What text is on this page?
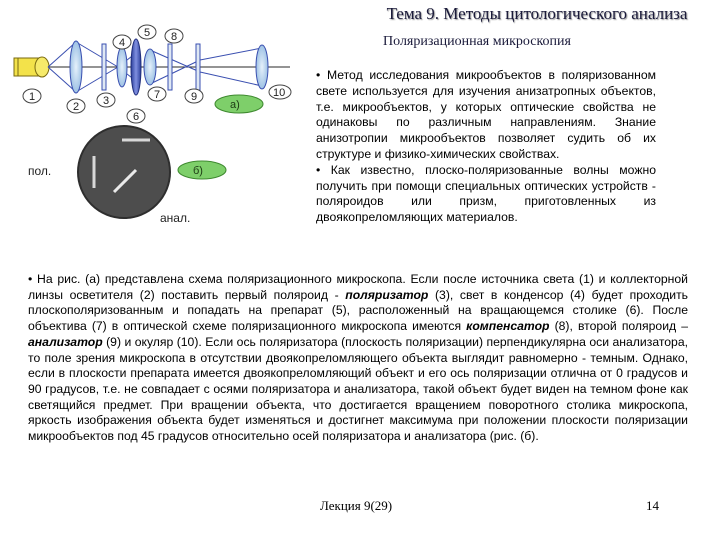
Тема 9. Методы цитологического анализа
Поляризационная микроскопия
1
2 3
4
5
6
7
8
9	10
а)
б)
пол.
анал.

• Метод исследования микрообъектов в поляризованном свете используется для изучения анизатропных объектов, т.е. микрообъектов, у которых оптические свойства не одинаковы по различным направлениям. Знание анизотропии микрообъектов позволяет судить об их структуре и физико-химических свойствах.

• Как известно, плоско-поляризованные волны можно получить при помощи специальных оптических устройств - поляроидов или призм, приготовленных из двоякопреломляющих материалов.

• На рис. (а) представлена схема поляризационного микроскопа. Если после источника света (1) и коллекторной линзы осветителя (2) поставить первый поляроид - поляризатор (3), свет в конденсор (4) будет проходить плоскополяризованным и попадать на препарат (5), расположенный на вращающемся столике (6). После объектива (7) в оптической схеме поляризационного микроскопа имеются компенсатор (8), второй поляроид – анализатор (9) и окуляр (10). Если ось поляризатора (плоскость поляризации) перпендикулярна оси анализатора, то поле зрения микроскопа в отсутствии двоякопреломляющего объекта выглядит равномерно - темным. Однако, если в плоскости препарата имеется двоякопреломляющий объект и его ось поляризации отлична от 0 градусов и 90 градусов, т.е. не совпадает с осями поляризатора и анализатора, такой объект будет виден на темном фоне как светящийся предмет. При вращении объекта, что достигается вращением поворотного столика микроскопа, яркость изображения объекта будет изменяться и достигнет максимума при положении плоскости поляризации микрообъектов под 45 градусов относительно осей поляризатора и анализатора (рис. (б).

Лекция 9(29)	14
